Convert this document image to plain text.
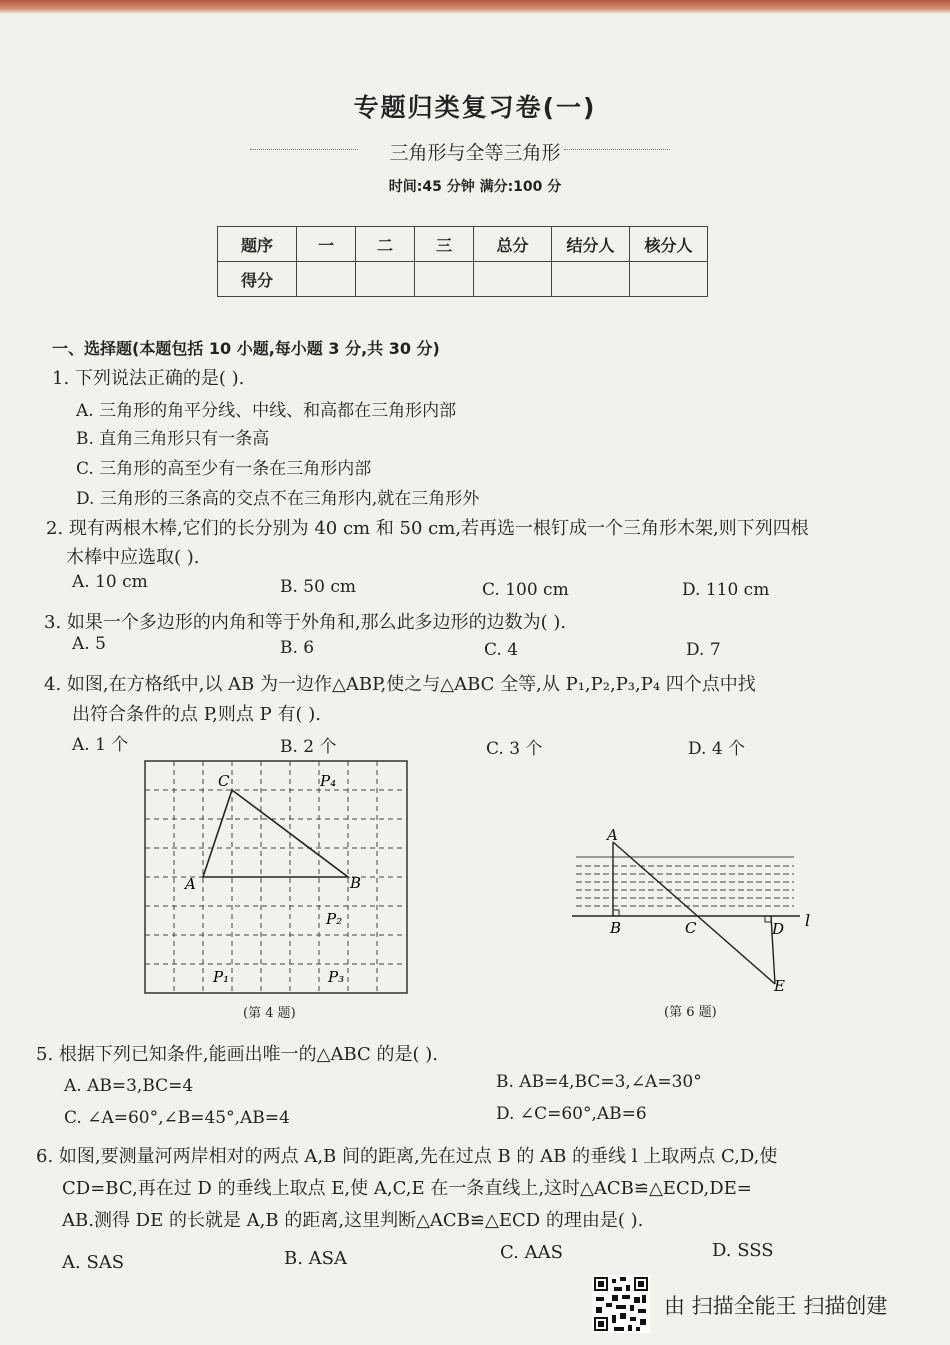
专题归类复习卷(一)
三角形与全等三角形
时间:45 分钟 满分:100 分
题序	一	二	三	总分	结分人	核分人
得分						
一、选择题(本题包括 10 小题,每小题 3 分,共 30 分)
1. 下列说法正确的是( ).
A. 三角形的角平分线、中线、和高都在三角形内部
B. 直角三角形只有一条高
C. 三角形的高至少有一条在三角形内部
D. 三角形的三条高的交点不在三角形内,就在三角形外
2. 现有两根木棒,它们的长分别为 40 cm 和 50 cm,若再选一根钉成一个三角形木架,则下列四根
木棒中应选取( ).
A. 10 cm	B. 50 cm	C. 100 cm	D. 110 cm
3. 如果一个多边形的内角和等于外角和,那么此多边形的边数为( ).
A. 5	B. 6	C. 4	D. 7
4. 如图,在方格纸中,以 AB 为一边作△ABP,使之与△ABC 全等,从 P₁,P₂,P₃,P₄ 四个点中找
出符合条件的点 P,则点 P 有( ).
A. 1 个	B. 2 个	C. 3 个	D. 4 个
A	B
C	P₄
P₂
P₁	P₃
(第 4 题)
A
B	C	D
E
l
(第 6 题)
5. 根据下列已知条件,能画出唯一的△ABC 的是( ).
A. AB=3,BC=4	B. AB=4,BC=3,∠A=30°
C. ∠A=60°,∠B=45°,AB=4	D. ∠C=60°,AB=6
6. 如图,要测量河两岸相对的两点 A,B 间的距离,先在过点 B 的 AB 的垂线 l 上取两点 C,D,使
CD=BC,再在过 D 的垂线上取点 E,使 A,C,E 在一条直线上,这时△ACB≌△ECD,DE=
AB.测得 DE 的长就是 A,B 的距离,这里判断△ACB≌△ECD 的理由是( ).
A. SAS	B. ASA	C. AAS	D. SSS
由 扫描全能王 扫描创建
